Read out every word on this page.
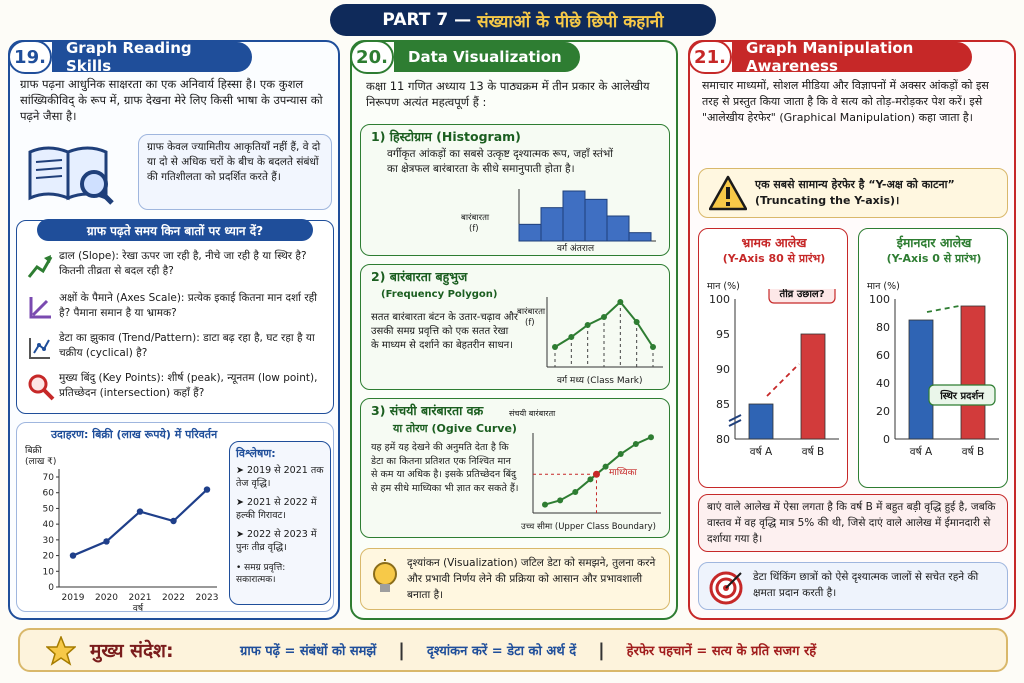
PART 7 — संख्याओं के पीछे छिपी कहानी
19.	Graph Reading Skills
ग्राफ पढ़ना आधुनिक साक्षरता का एक अनिवार्य हिस्सा है। एक कुशल सांख्यिकीविद् के रूप में, ग्राफ देखना मेरे लिए किसी भाषा के उपन्यास को पढ़ने जैसा है।
ग्राफ केवल ज्यामितीय आकृतियाँ नहीं हैं, वे दो या दो से अधिक चरों के बीच के बदलते संबंधों की गतिशीलता को प्रदर्शित करते हैं।
ग्राफ पढ़ते समय किन बातों पर ध्यान दें?
ढाल (Slope): रेखा ऊपर जा रही है, नीचे जा रही है या स्थिर है? कितनी तीव्रता से बदल रही है?
अक्षों के पैमाने (Axes Scale): प्रत्येक इकाई कितना मान दर्शा रही है? पैमाना समान है या भ्रामक?
डेटा का झुकाव (Trend/Pattern): डाटा बढ़ रहा है, घट रहा है या चक्रीय (cyclical) है?
मुख्य बिंदु (Key Points): शीर्ष (peak), न्यूनतम (low point), प्रतिच्छेदन (intersection) कहाँ हैं?
उदाहरण: बिक्री (लाख रूपये) में परिवर्तन
बिक्री
(लाख ₹)
0
10
20
30
40
50
60
70
2019 2020 2021 2022 2023
वर्ष
विश्लेषण:
➤ 2019 से 2021 तक तेज वृद्धि।
➤ 2021 से 2022 में हल्की गिरावट।
➤ 2022 से 2023 में पुनः तीव्र वृद्धि।
• समग्र प्रवृत्ति: सकारात्मक।
20.	Data Visualization
कक्षा 11 गणित अध्याय 13 के पाठ्यक्रम में तीन प्रकार के आलेखीय निरूपण अत्यंत महत्वपूर्ण हैं :
1) हिस्टोग्राम (Histogram)
वर्गीकृत आंकड़ों का सबसे उत्कृष्ट दृश्यात्मक रूप, जहाँ स्तंभों का क्षेत्रफल बारंबारता के सीधे समानुपाती होता है।
बारंबारता
(f)
वर्ग अंतराल
2) बारंबारता बहुभुज
(Frequency Polygon)
सतत बारंबारता बंटन के उतार-चढ़ाव और उसकी समग्र प्रवृत्ति को एक सतत रेखा के माध्यम से दर्शाने का बेहतरीन साधन।
बारंबारता
(f)
वर्ग मध्य (Class Mark)
3) संचयी बारंबारता वक्र
या तोरण (Ogive Curve)
यह हमें यह देखने की अनुमति देता है कि डेटा का कितना प्रतिशत एक निश्चित मान से कम या अधिक है। इसके प्रतिच्छेदन बिंदु से हम सीधे माध्यिका भी ज्ञात कर सकते हैं।
संचयी बारंबारता
माध्यिका
उच्च सीमा (Upper Class Boundary)
दृश्यांकन (Visualization) जटिल डेटा को समझने, तुलना करने और प्रभावी निर्णय लेने की प्रक्रिया को आसान और प्रभावशाली बनाता है।
21.	Graph Manipulation Awareness
समाचार माध्यमों, सोशल मीडिया और विज्ञापनों में अक्सर आंकड़ों को इस तरह से प्रस्तुत किया जाता है कि वे सत्य को तोड़-मरोड़कर पेश करें। इसे "आलेखीय हेरफेर" (Graphical Manipulation) कहा जाता है।
एक सबसे सामान्य हेरफेर है “Y-अक्ष को काटना” (Truncating the Y-axis)।
भ्रामक आलेख
(Y-Axis 80 से प्रारंभ)
मान (%)
80
85
90
95
100
वर्ष A	वर्ष B
तीव्र उछाल?
ईमानदार आलेख
(Y-Axis 0 से प्रारंभ)
मान (%)
0
20
40
60
80
100
वर्ष A	वर्ष B
स्थिर प्रदर्शन
बाएं वाले आलेख में ऐसा लगता है कि वर्ष B में बहुत बड़ी वृद्धि हुई है, जबकि वास्तव में वह वृद्धि मात्र 5% की थी, जिसे दाएं वाले आलेख में ईमानदारी से दर्शाया गया है।
डेटा थिंकिंग छात्रों को ऐसे दृश्यात्मक जालों से सचेत रहने की क्षमता प्रदान करती है।
मुख्य संदेश:	ग्राफ पढ़ें = संबंधों को समझें | दृश्यांकन करें = डेटा को अर्थ दें | हेरफेर पहचानें = सत्य के प्रति सजग रहें
